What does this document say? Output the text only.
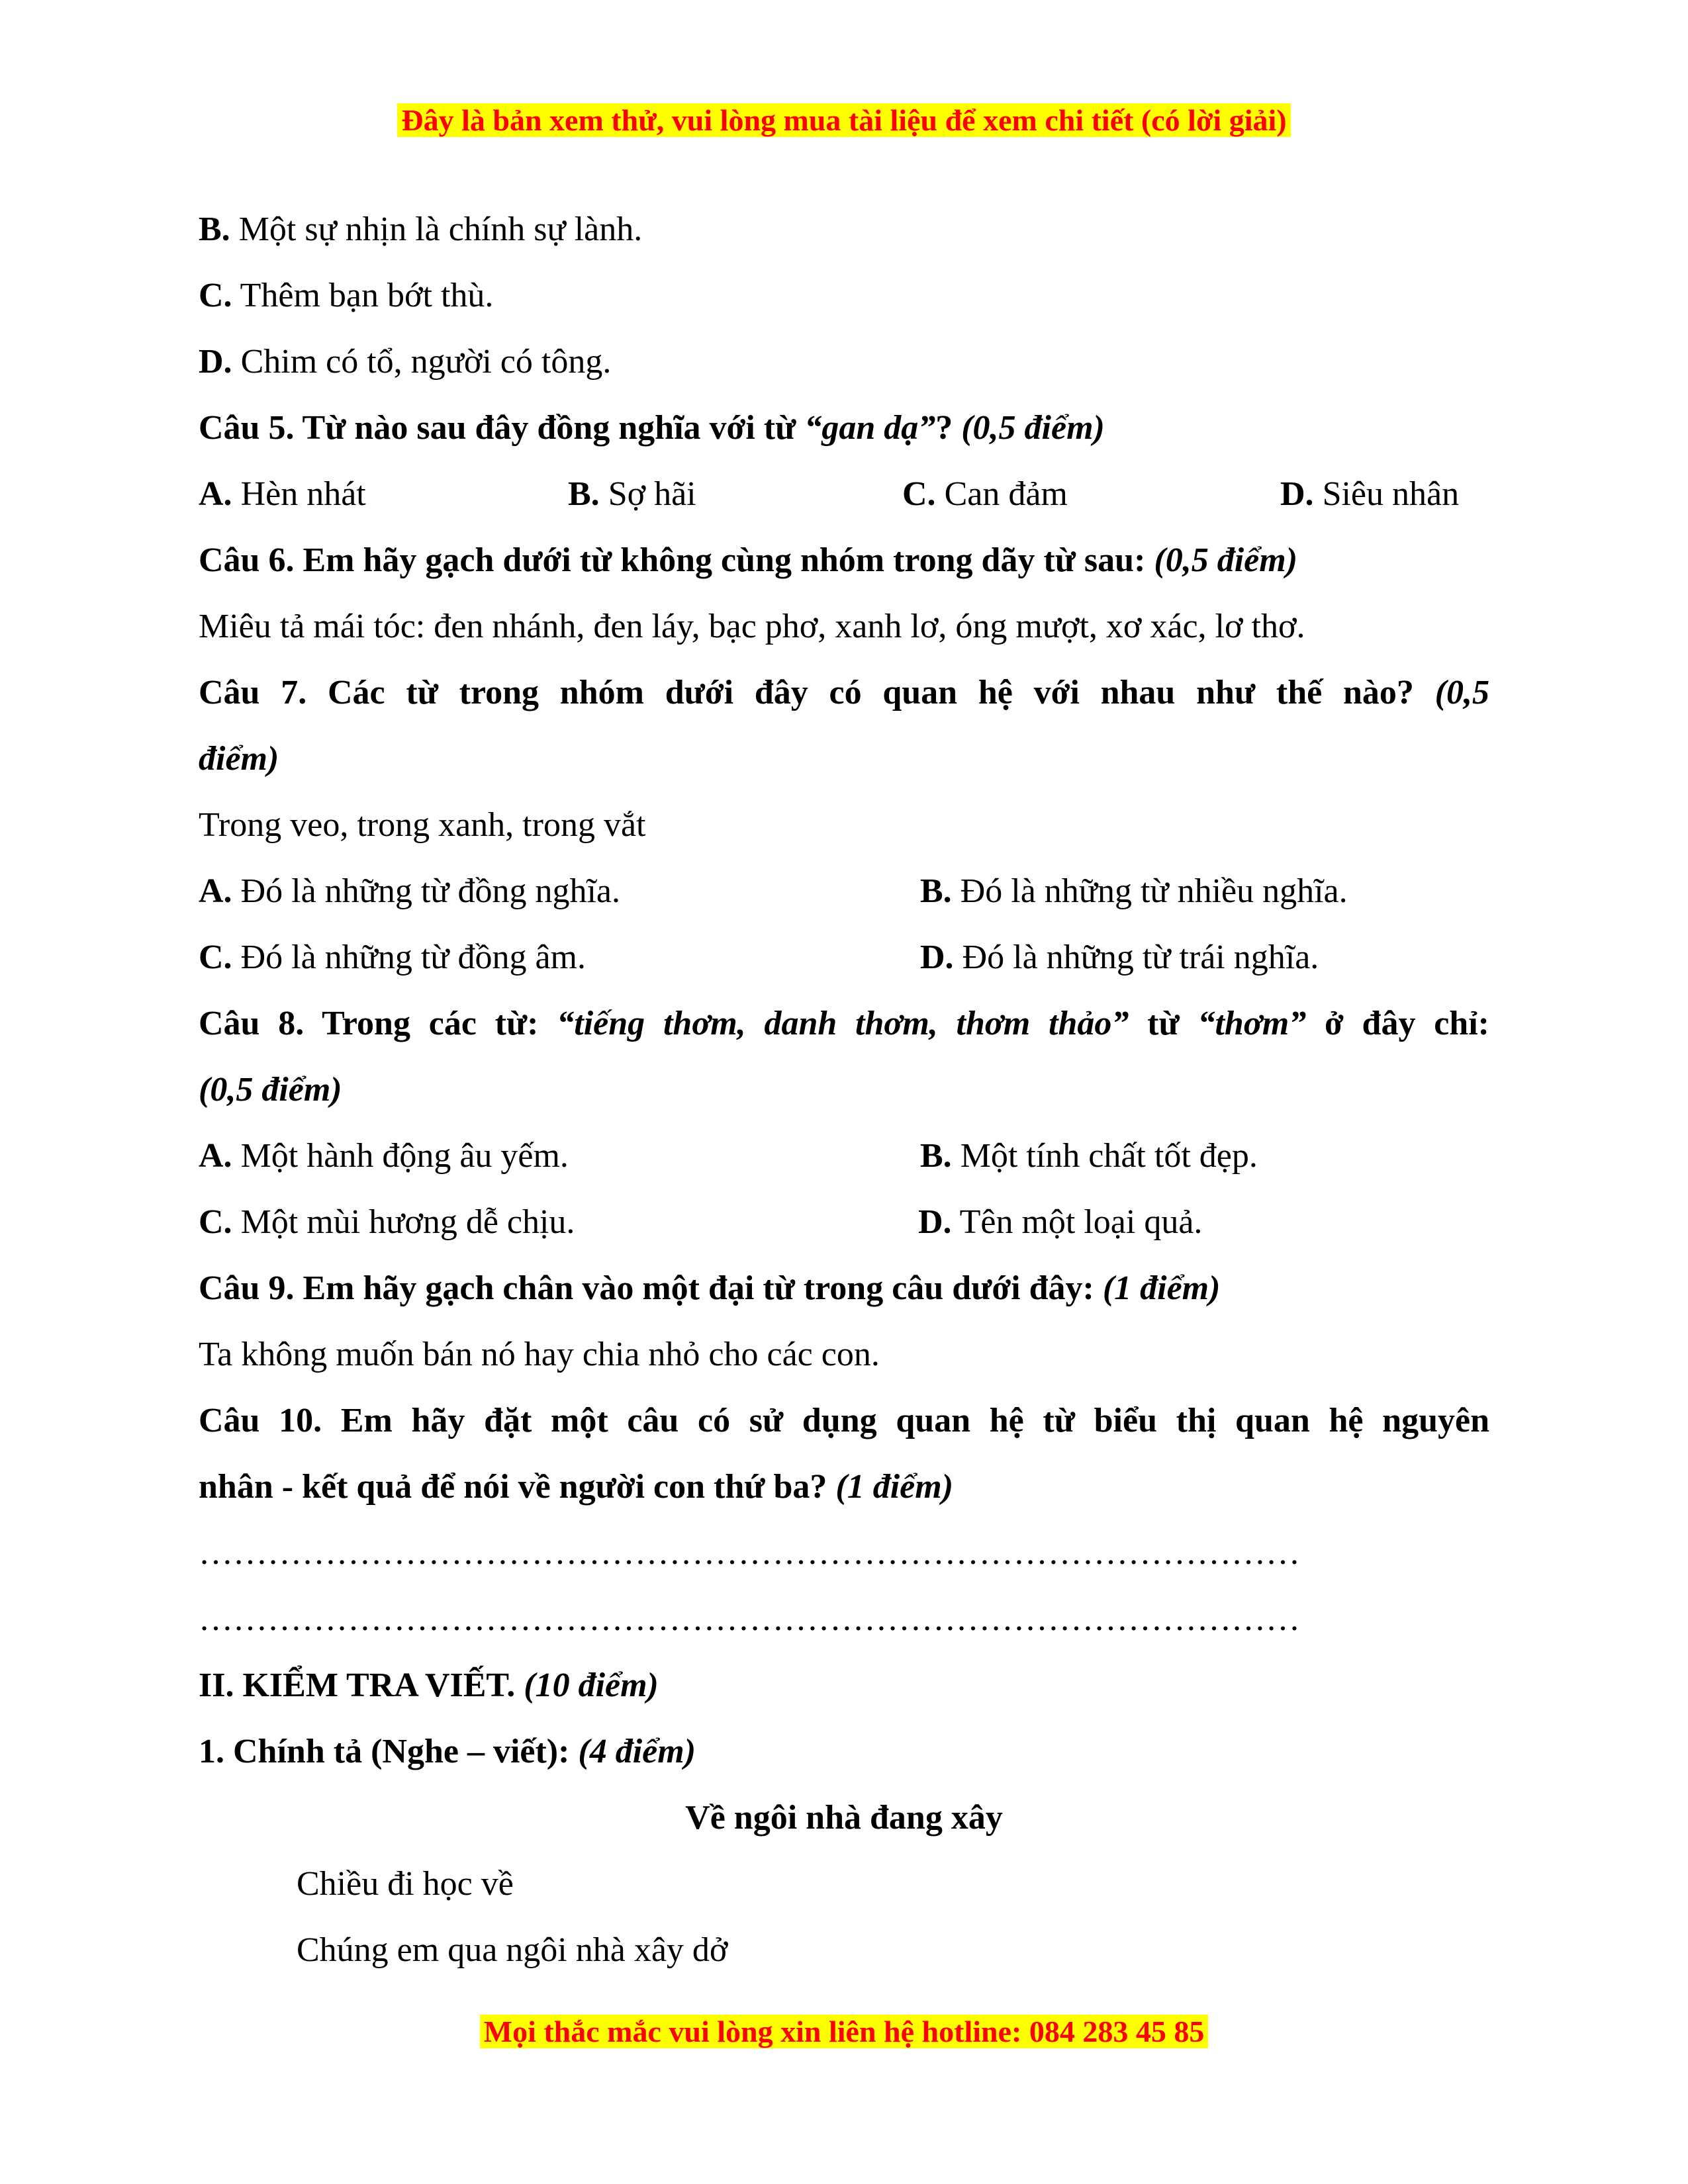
Đây là bản xem thử, vui lòng mua tài liệu để xem chi tiết (có lời giải)
B. Một sự nhịn là chính sự lành.
C. Thêm bạn bớt thù.
D. Chim có tổ, người có tông.
Câu 5. Từ nào sau đây đồng nghĩa với từ “gan dạ”? (0,5 điểm)
A. Hèn nhát	B. Sợ hãi	C. Can đảm	D. Siêu nhân
Câu 6. Em hãy gạch dưới từ không cùng nhóm trong dãy từ sau: (0,5 điểm)
Miêu tả mái tóc: đen nhánh, đen láy, bạc phơ, xanh lơ, óng mượt, xơ xác, lơ thơ.
Câu 7. Các từ trong nhóm dưới đây có quan hệ với nhau như thế nào? (0,5
điểm)
Trong veo, trong xanh, trong vắt
A. Đó là những từ đồng nghĩa.	B. Đó là những từ nhiều nghĩa.
C. Đó là những từ đồng âm.	D. Đó là những từ trái nghĩa.
Câu 8. Trong các từ: “tiếng thơm, danh thơm, thơm thảo” từ “thơm” ở đây chỉ:
(0,5 điểm)
A. Một hành động âu yếm.	B. Một tính chất tốt đẹp.
C. Một mùi hương dễ chịu.	D. Tên một loại quả.
Câu 9. Em hãy gạch chân vào một đại từ trong câu dưới đây: (1 điểm)
Ta không muốn bán nó hay chia nhỏ cho các con.
Câu 10. Em hãy đặt một câu có sử dụng quan hệ từ biểu thị quan hệ nguyên
nhân - kết quả để nói về người con thứ ba? (1 điểm)
……………………………………………………………………………………
……………………………………………………………………………………
II. KIỂM TRA VIẾT. (10 điểm)
1. Chính tả (Nghe – viết): (4 điểm)
Về ngôi nhà đang xây
Chiều đi học về
Chúng em qua ngôi nhà xây dở
Mọi thắc mắc vui lòng xin liên hệ hotline: 084 283 45 85
